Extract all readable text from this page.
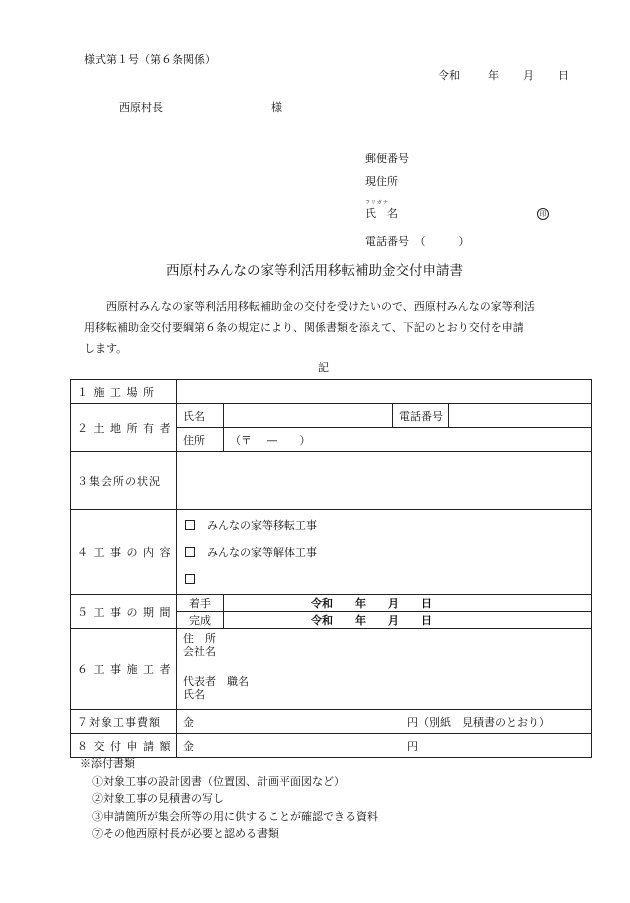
様式第１号（第６条関係）
令和	年 月 日
西原村長	様
郵便番号
現住所
フリガナ
氏　名	印
電話番号　（　　　）
西原村みんなの家等利活用移転補助金交付申請書
西原村みんなの家等利活用移転補助金の交付を受けたいので、西原村みんなの家等利活
用移転補助金交付要綱第６条の規定により、関係書類を添えて、下記のとおり交付を申請
します。
記
１ 施 工 場 所				
２ 土 地 所 有 者	氏名		電話番号	
	住所	（〒　 —　　）		
３集会所の状況				
４ 工 事 の 内 容	みんなの家等移転工事
みんなの家等解体工事			

５ 工 事 の 期 間	着手	令和　　年　　月　　日		
	完成	令和　　年　　月　　日		
６ 工 事 施 工 者	住　所
会社名
代表者　職名
氏名			

７対象工事費額	金 円（別紙　見積書のとおり）			

８ 交 付 申 請 額	金 円			
※添付書類
①対象工事の設計図書（位置図、計画平面図など）
②対象工事の見積書の写し
③申請箇所が集会所等の用に供することが確認できる資料
⑦その他西原村長が必要と認める書類
